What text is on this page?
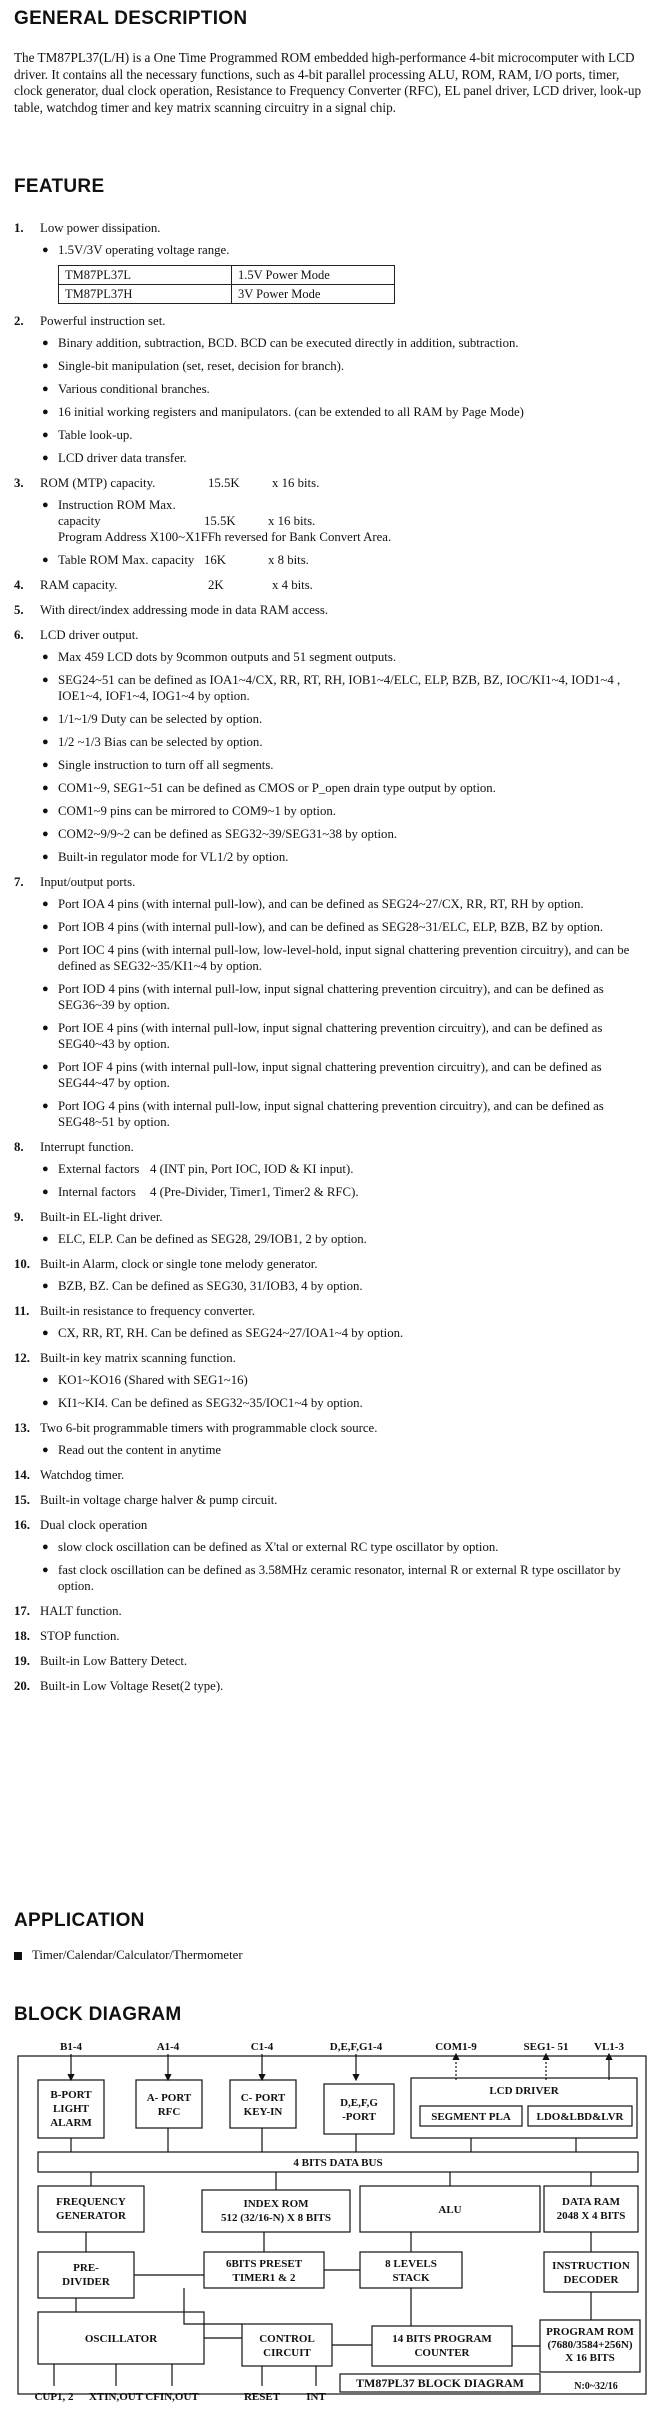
GENERAL DESCRIPTION
The TM87PL37(L/H) is a One Time Programmed ROM embedded high-performance 4-bit microcomputer with LCD driver. It contains all the necessary functions, such as 4-bit parallel processing ALU, ROM, RAM, I/O ports, timer, clock generator, dual clock operation, Resistance to Frequency Converter (RFC), EL panel driver, LCD driver, look-up table, watchdog timer and key matrix scanning circuitry in a signal chip.
FEATURE
1. Low power dissipation.
● 1.5V/3V operating voltage range.
TM87PL37L	1.5V Power Mode
TM87PL37H	3V Power Mode
2. Powerful instruction set.
● Binary addition, subtraction, BCD. BCD can be executed directly in addition, subtraction.
● Single-bit manipulation (set, reset, decision for branch).
● Various conditional branches.
● 16 initial working registers and manipulators. (can be extended to all RAM by Page Mode)
● Table look-up.
● LCD driver data transfer.
3. ROM (MTP) capacity.	15.5K	x 16 bits.
● Instruction ROM Max. capacity	15.5K	x 16 bits.
Program Address X100~X1FFh reversed for Bank Convert Area.
● Table ROM Max. capacity 16K	x 8 bits.
4. RAM capacity.	2K	x 4 bits.
5. With direct/index addressing mode in data RAM access.
6. LCD driver output.
● Max 459 LCD dots by 9common outputs and 51 segment outputs.
● SEG24~51 can be defined as IOA1~4/CX, RR, RT, RH, IOB1~4/ELC, ELP, BZB, BZ, IOC/KI1~4, IOD1~4 , IOE1~4, IOF1~4, IOG1~4 by option.
● 1/1~1/9 Duty can be selected by option.
● 1/2 ~1/3 Bias can be selected by option.
● Single instruction to turn off all segments.
● COM1~9, SEG1~51 can be defined as CMOS or P_open drain type output by option.
● COM1~9 pins can be mirrored to COM9~1 by option.
● COM2~9/9~2 can be defined as SEG32~39/SEG31~38 by option.
● Built-in regulator mode for VL1/2 by option.
7. Input/output ports.
● Port IOA 4 pins (with internal pull-low), and can be defined as SEG24~27/CX, RR, RT, RH by option.
● Port IOB 4 pins (with internal pull-low), and can be defined as SEG28~31/ELC, ELP, BZB, BZ by option.
● Port IOC 4 pins (with internal pull-low, low-level-hold, input signal chattering prevention circuitry), and can be defined as SEG32~35/KI1~4 by option.
● Port IOD 4 pins (with internal pull-low, input signal chattering prevention circuitry), and can be defined as SEG36~39 by option.
● Port IOE 4 pins (with internal pull-low, input signal chattering prevention circuitry), and can be defined as SEG40~43 by option.
● Port IOF 4 pins (with internal pull-low, input signal chattering prevention circuitry), and can be defined as SEG44~47 by option.
● Port IOG 4 pins (with internal pull-low, input signal chattering prevention circuitry), and can be defined as SEG48~51 by option.
8. Interrupt function.
● External factors 4 (INT pin, Port IOC, IOD & KI input).
● Internal factors 4 (Pre-Divider, Timer1, Timer2 & RFC).
9. Built-in EL-light driver.
● ELC, ELP. Can be defined as SEG28, 29/IOB1, 2 by option.
10. Built-in Alarm, clock or single tone melody generator.
● BZB, BZ. Can be defined as SEG30, 31/IOB3, 4 by option.
11. Built-in resistance to frequency converter.
● CX, RR, RT, RH. Can be defined as SEG24~27/IOA1~4 by option.
12. Built-in key matrix scanning function.
● KO1~KO16 (Shared with SEG1~16)
● KI1~KI4. Can be defined as SEG32~35/IOC1~4 by option.
13. Two 6-bit programmable timers with programmable clock source.
● Read out the content in anytime
14. Watchdog timer.
15. Built-in voltage charge halver & pump circuit.
16. Dual clock operation
● slow clock oscillation can be defined as X'tal or external RC type oscillator by option.
● fast clock oscillation can be defined as 3.58MHz ceramic resonator, internal R or external R type oscillator by option.
17. HALT function.
18. STOP function.
19. Built-in Low Battery Detect.
20. Built-in Low Voltage Reset(2 type).
APPLICATION
Timer/Calendar/Calculator/Thermometer
BLOCK DIAGRAM
B1-4	A1-4	C1-4	D,E,F,G1-4	COM1-9	SEG1- 51 VL1-3
B-PORT
LIGHT
ALARM
A- PORT
RFC
C- PORT
KEY-IN
D,E,F,G
-PORT
LCD DRIVER
SEGMENT PLA LDO&LBD&LVR
4 BITS DATA BUS
FREQUENCY
GENERATOR
INDEX ROM
512 (32/16-N) X 8 BITS
ALU
DATA RAM
2048 X 4 BITS
PRE-
DIVIDER
6BITS PRESET
TIMER1 & 2
8 LEVELS
STACK
INSTRUCTION
DECODER
OSCILLATOR	CONTROL
CIRCUIT
14 BITS PROGRAM
COUNTER
PROGRAM ROM
(7680/3584+256N)
X 16 BITS
CUP1, 2 XTIN,OUT CFIN,OUT	RESET INT
TM87PL37 BLOCK DIAGRAM	N:0~32/16
